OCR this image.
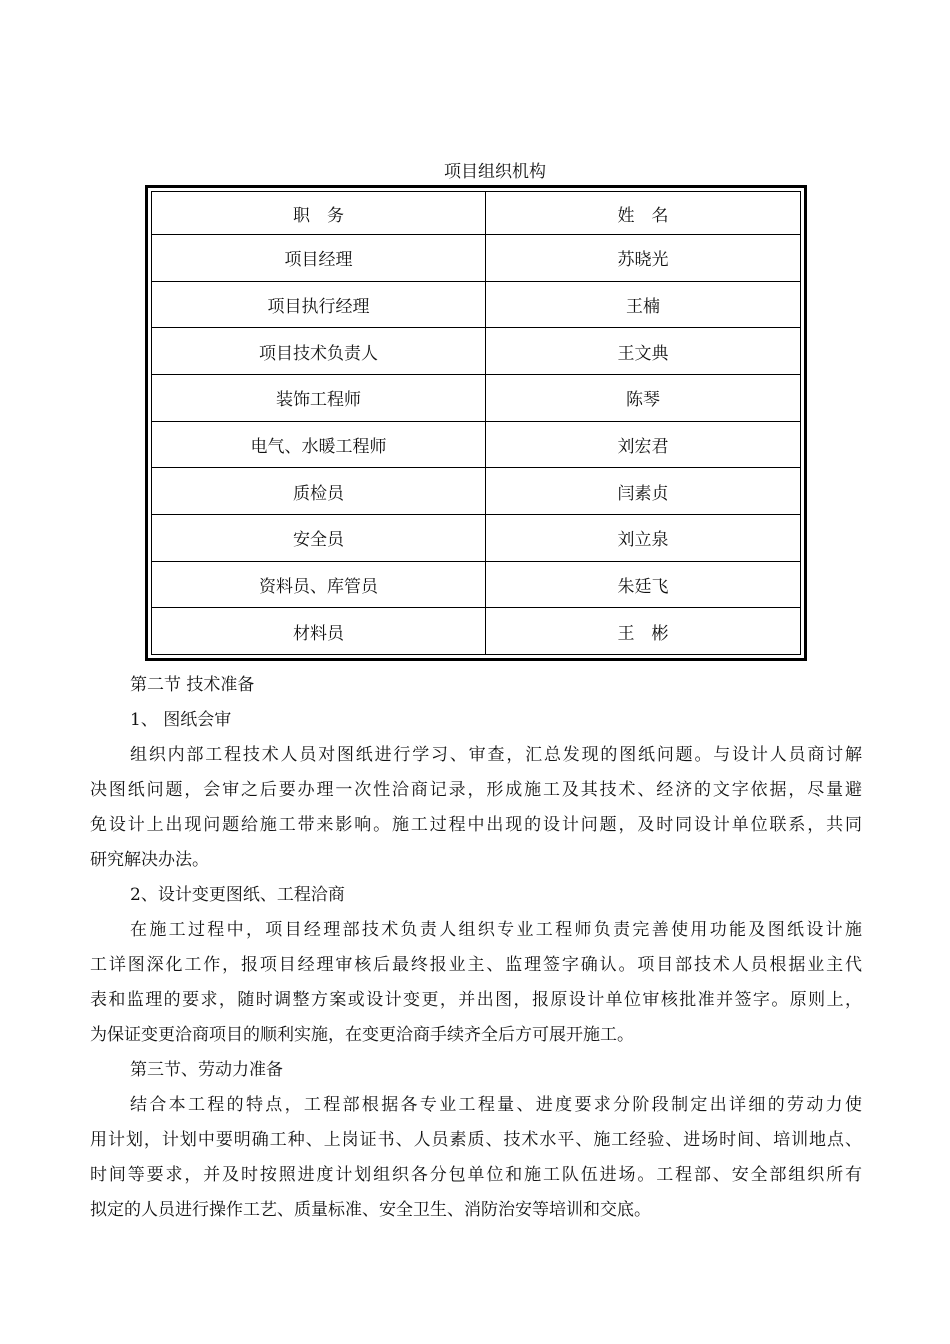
项目组织机构
职　务	姓　名
项目经理	苏晓光
项目执行经理	王楠
项目技术负责人	王文典
装饰工程师	陈琴
电气、水暖工程师	刘宏君
质检员	闫素贞
安全员	刘立泉
资料员、库管员	朱廷飞
材料员	王　彬
第二节 技术准备
1、 图纸会审
组织内部工程技术人员对图纸进行学习、审查，汇总发现的图纸问题。与设计人员商讨解
决图纸问题，会审之后要办理一次性洽商记录，形成施工及其技术、经济的文字依据，尽量避
免设计上出现问题给施工带来影响。施工过程中出现的设计问题，及时同设计单位联系，共同
研究解决办法。
2、设计变更图纸、工程洽商
在施工过程中，项目经理部技术负责人组织专业工程师负责完善使用功能及图纸设计施
工详图深化工作，报项目经理审核后最终报业主、监理签字确认。项目部技术人员根据业主代
表和监理的要求，随时调整方案或设计变更，并出图，报原设计单位审核批准并签字。原则上，
为保证变更洽商项目的顺利实施，在变更洽商手续齐全后方可展开施工。
第三节、劳动力准备
结合本工程的特点，工程部根据各专业工程量、进度要求分阶段制定出详细的劳动力使
用计划，计划中要明确工种、上岗证书、人员素质、技术水平、施工经验、进场时间、培训地点、
时间等要求，并及时按照进度计划组织各分包单位和施工队伍进场。工程部、安全部组织所有
拟定的人员进行操作工艺、质量标准、安全卫生、消防治安等培训和交底。
